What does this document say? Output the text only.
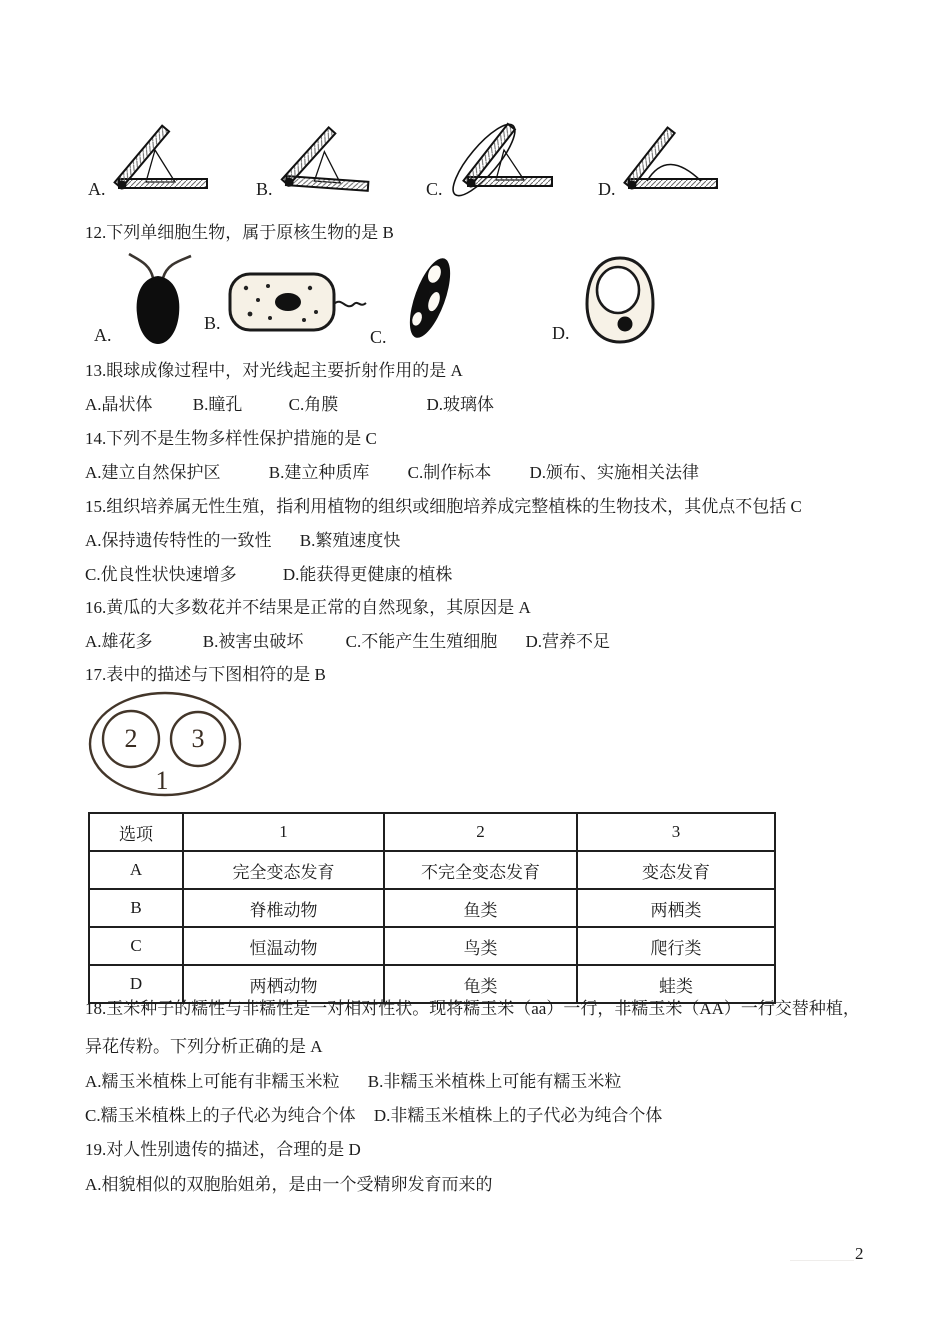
A.	B.	C.	D.
12.下列单细胞生物，属于原核生物的是 B
A.
B.
C.	D.
13.眼球成像过程中，对光线起主要折射作用的是 A
A.晶状体 B.瞳孔	C.角膜	D.玻璃体
14.下列不是生物多样性保护措施的是 C
A.建立自然保护区	B.建立种质库 C.制作标本 D.颁布、实施相关法律
15.组织培养属无性生殖，指利用植物的组织或细胞培养成完整植株的生物技术，其优点不包括 C
A.保持遗传特性的一致性 B.繁殖速度快
C.优良性状快速增多	D.能获得更健康的植株
16.黄瓜的大多数花并不结果是正常的自然现象，其原因是 A
A.雄花多	B.被害虫破坏 C.不能产生生殖细胞 D.营养不足
17.表中的描述与下图相符的是 B
2 3
1
选项	1	2	3
A	完全变态发育	不完全变态发育	变态发育
B	脊椎动物	鱼类	两栖类
C	恒温动物	鸟类	爬行类
D	两栖动物	龟类	蛙类
18.玉米种子的糯性与非糯性是一对相对性状。现将糯玉米（aa）一行，非糯玉米（AA）一行交替种植，
异花传粉。下列分析正确的是 A
A.糯玉米植株上可能有非糯玉米粒 B.非糯玉米植株上可能有糯玉米粒
C.糯玉米植株上的子代必为纯合个体 D.非糯玉米植株上的子代必为纯合个体
19.对人性别遗传的描述，合理的是 D
A.相貌相似的双胞胎姐弟，是由一个受精卵发育而来的
2
